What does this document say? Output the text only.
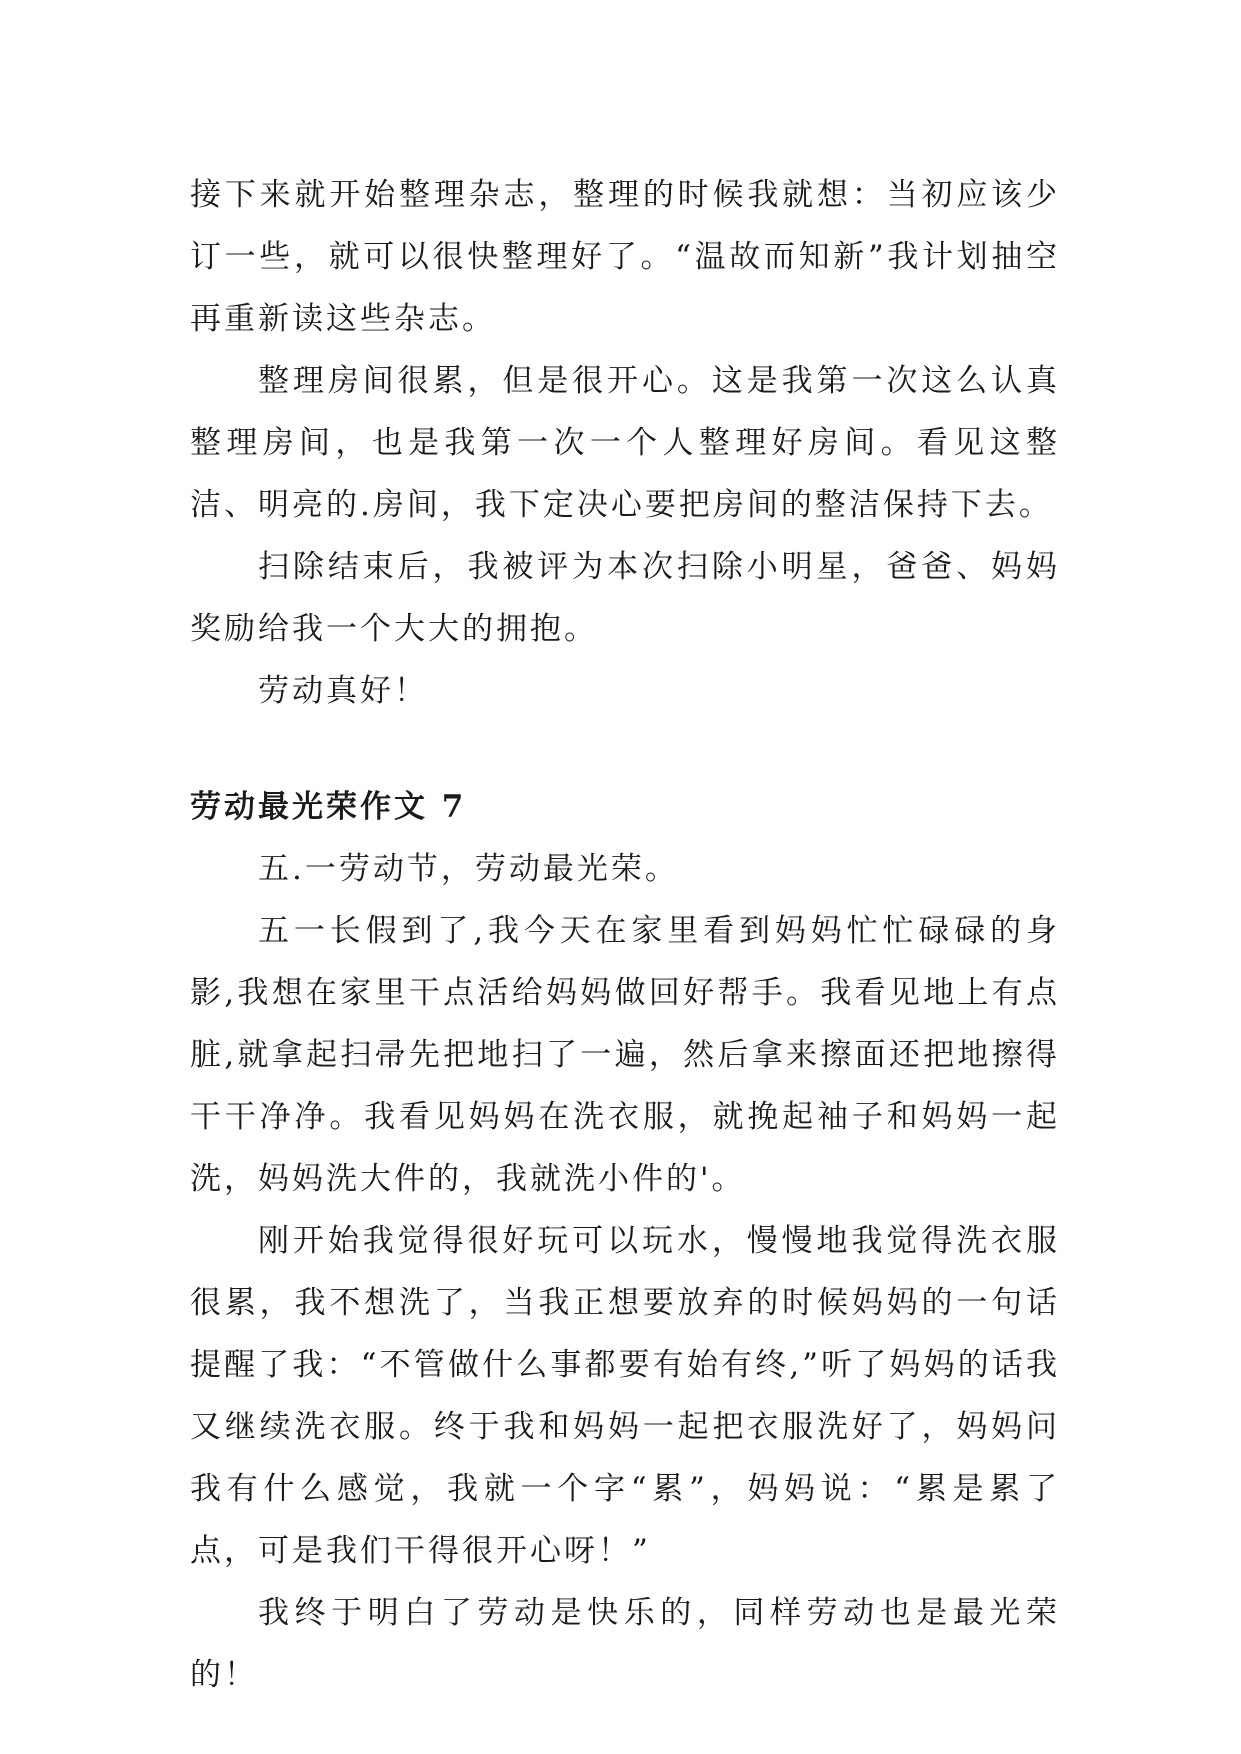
接下来就开始整理杂志，整理的时候我就想：当初应该少订一些，就可以很快整理好了。“温故而知新”我计划抽空再重新读这些杂志。

整理房间很累，但是很开心。这是我第一次这么认真整理房间，也是我第一次一个人整理好房间。看见这整洁、明亮的.房间，我下定决心要把房间的整洁保持下去。

扫除结束后，我被评为本次扫除小明星，爸爸、妈妈奖励给我一个大大的拥抱。

劳动真好！

劳动最光荣作文 7

五.一劳动节，劳动最光荣。

五一长假到了,我今天在家里看到妈妈忙忙碌碌的身影,我想在家里干点活给妈妈做回好帮手。我看见地上有点脏,就拿起扫帚先把地扫了一遍，然后拿来擦面还把地擦得干干净净。我看见妈妈在洗衣服，就挽起袖子和妈妈一起洗，妈妈洗大件的，我就洗小件的'。

刚开始我觉得很好玩可以玩水，慢慢地我觉得洗衣服很累，我不想洗了，当我正想要放弃的时候妈妈的一句话提醒了我：“不管做什么事都要有始有终,”听了妈妈的话我又继续洗衣服。终于我和妈妈一起把衣服洗好了，妈妈问我有什么感觉，我就一个字“累”，妈妈说：“累是累了点，可是我们干得很开心呀！”

我终于明白了劳动是快乐的，同样劳动也是最光荣的！
